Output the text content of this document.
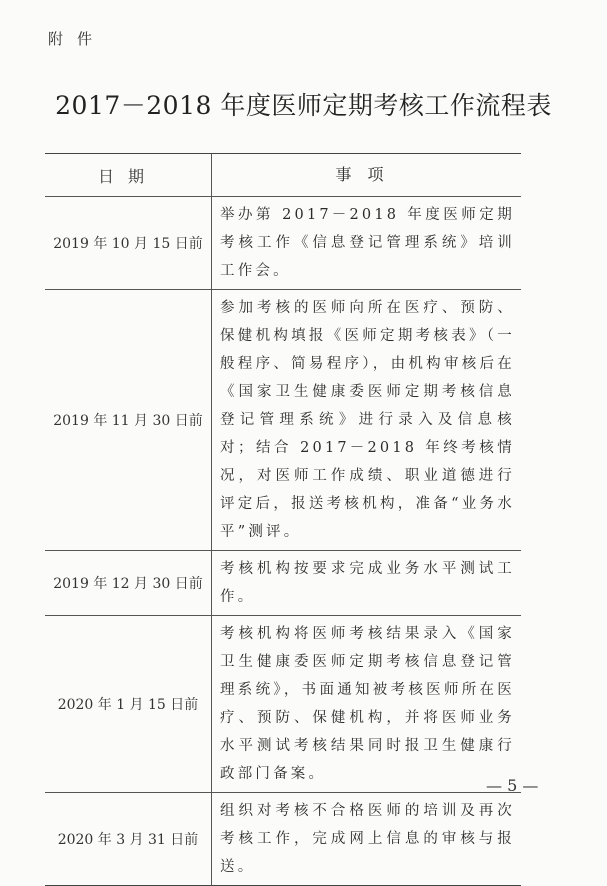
附件
2017－2018 年度医师定期考核工作流程表
日期	事项
2019 年 10 月 15 日前	举办第 2017－2018 年度医师定期考核工作《信息登记管理系统》培训工作会。
2019 年 11 月 30 日前	参加考核的医师向所在医疗、预防、保健机构填报《医师定期考核表》（一般程序、简易程序），由机构审核后在《国家卫生健康委医师定期考核信息登记管理系统》进行录入及信息核对；结合 2017－2018 年终考核情况，对医师工作成绩、职业道德进行评定后，报送考核机构，准备“业务水平”测评。
2019 年 12 月 30 日前	考核机构按要求完成业务水平测试工作。
2020 年 1 月 15 日前	考核机构将医师考核结果录入《国家卫生健康委医师定期考核信息登记管理系统》，书面通知被考核医师所在医疗、预防、保健机构，并将医师业务水平测试考核结果同时报卫生健康行政部门备案。
2020 年 3 月 31 日前	组织对考核不合格医师的培训及再次考核工作，完成网上信息的审核与报送。
— 5 —
